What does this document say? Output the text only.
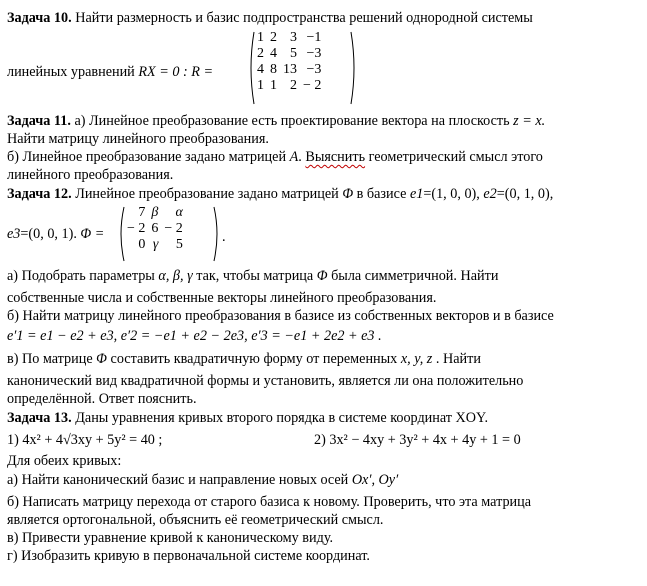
Задача 10. Найти размерность и базис подпространства решений однородной системы
линейных уравнений RX = 0 : R =
1	2	3	−1
2	4	5	−3
4	8	13	−3
1	1	2	− 2
Задача 11. а) Линейное преобразование есть проектирование вектора на плоскость z = x.
Найти матрицу линейного преобразования.
б) Линейное преобразование задано матрицей A. Выяснить геометрический смысл этого
линейного преобразования.
Задача 12. Линейное преобразование задано матрицей Φ в базисе e1=(1, 0, 0), e2=(0, 1, 0),
e3=(0, 0, 1). Φ =
7	β	α
− 2	6	− 2
0	γ	5	.
а) Подобрать параметры α, β, γ так, чтобы матрица Φ была симметричной. Найти
собственные числа и собственные векторы линейного преобразования.
б) Найти матрицу линейного преобразования в базисе из собственных векторов и в базисе
e′1 = e1 − e2 + e3, e′2 = −e1 + e2 − 2e3, e′3 = −e1 + 2e2 + e3 .
в) По матрице Φ составить квадратичную форму от переменных x, y, z . Найти
канонический вид квадратичной формы и установить, является ли она положительно
определённой. Ответ пояснить.
Задача 13. Даны уравнения кривых второго порядка в системе координат XOY.
1) 4x² + 4√3xy + 5y² = 40 ;	2) 3x² − 4xy + 3y² + 4x + 4y + 1 = 0
Для обеих кривых:
а) Найти канонический базис и направление новых осей Ox′, Oy′
б) Написать матрицу перехода от старого базиса к новому. Проверить, что эта матрица
является ортогональной, объяснить её геометрический смысл.
в) Привести уравнение кривой к каноническому виду.
г) Изобразить кривую в первоначальной системе координат.
